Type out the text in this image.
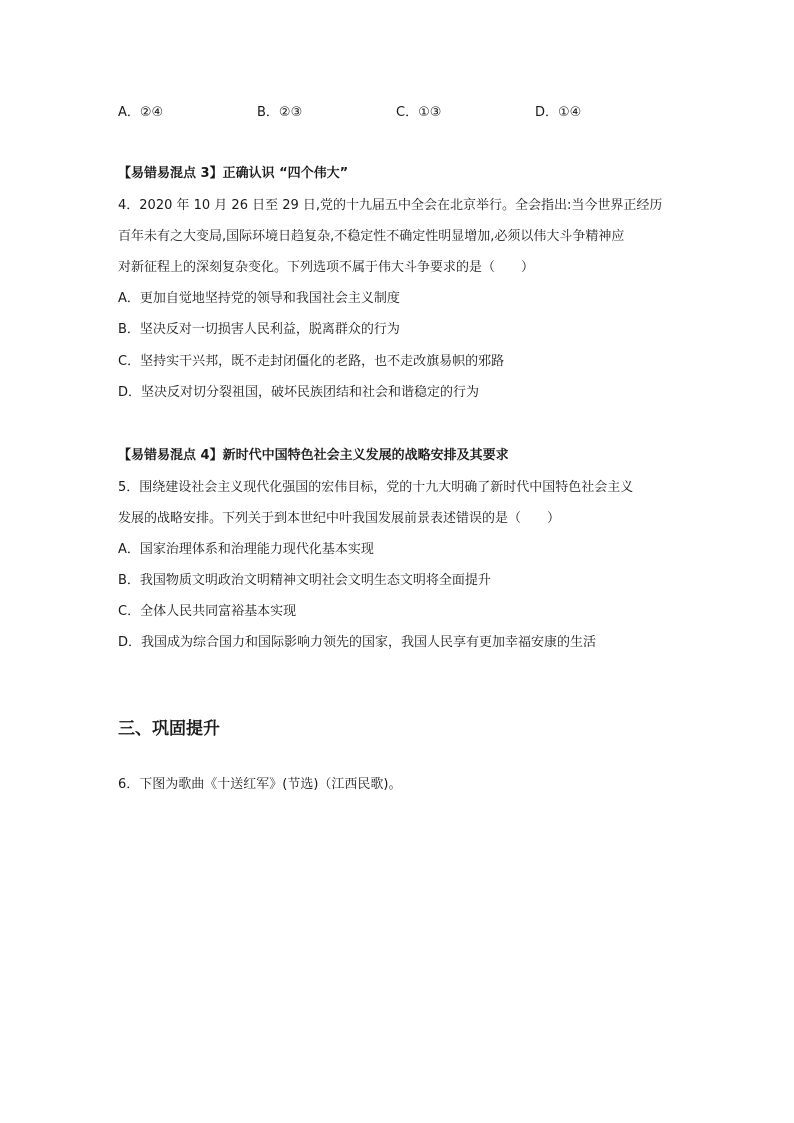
A．②④	B．②③	C．①③	D．①④
【易错易混点 3】正确认识 “四个伟大”
4．2020 年 10 月 26 日至 29 日,党的十九届五中全会在北京举行。全会指出:当今世界正经历
百年未有之大变局,国际环境日趋复杂,不稳定性不确定性明显增加,必须以伟大斗争精神应
对新征程上的深刻复杂变化。下列选项不属于伟大斗争要求的是（　　）
A．更加自觉地坚持党的领导和我国社会主义制度
B．坚决反对一切损害人民利益，脱离群众的行为
C．坚持实干兴邦，既不走封闭僵化的老路，也不走改旗易帜的邪路
D．坚决反对切分裂祖国，破坏民族团结和社会和谐稳定的行为
【易错易混点 4】新时代中国特色社会主义发展的战略安排及其要求
5．围绕建设社会主义现代化强国的宏伟目标，党的十九大明确了新时代中国特色社会主义
发展的战略安排。下列关于到本世纪中叶我国发展前景表述错误的是（　　）
A．国家治理体系和治理能力现代化基本实现
B．我国物质文明政治文明精神文明社会文明生态文明将全面提升
C．全体人民共同富裕基本实现
D．我国成为综合国力和国际影响力领先的国家，我国人民享有更加幸福安康的生活
三、巩固提升
6．下图为歌曲《十送红军》(节选)（江西民歌)。
